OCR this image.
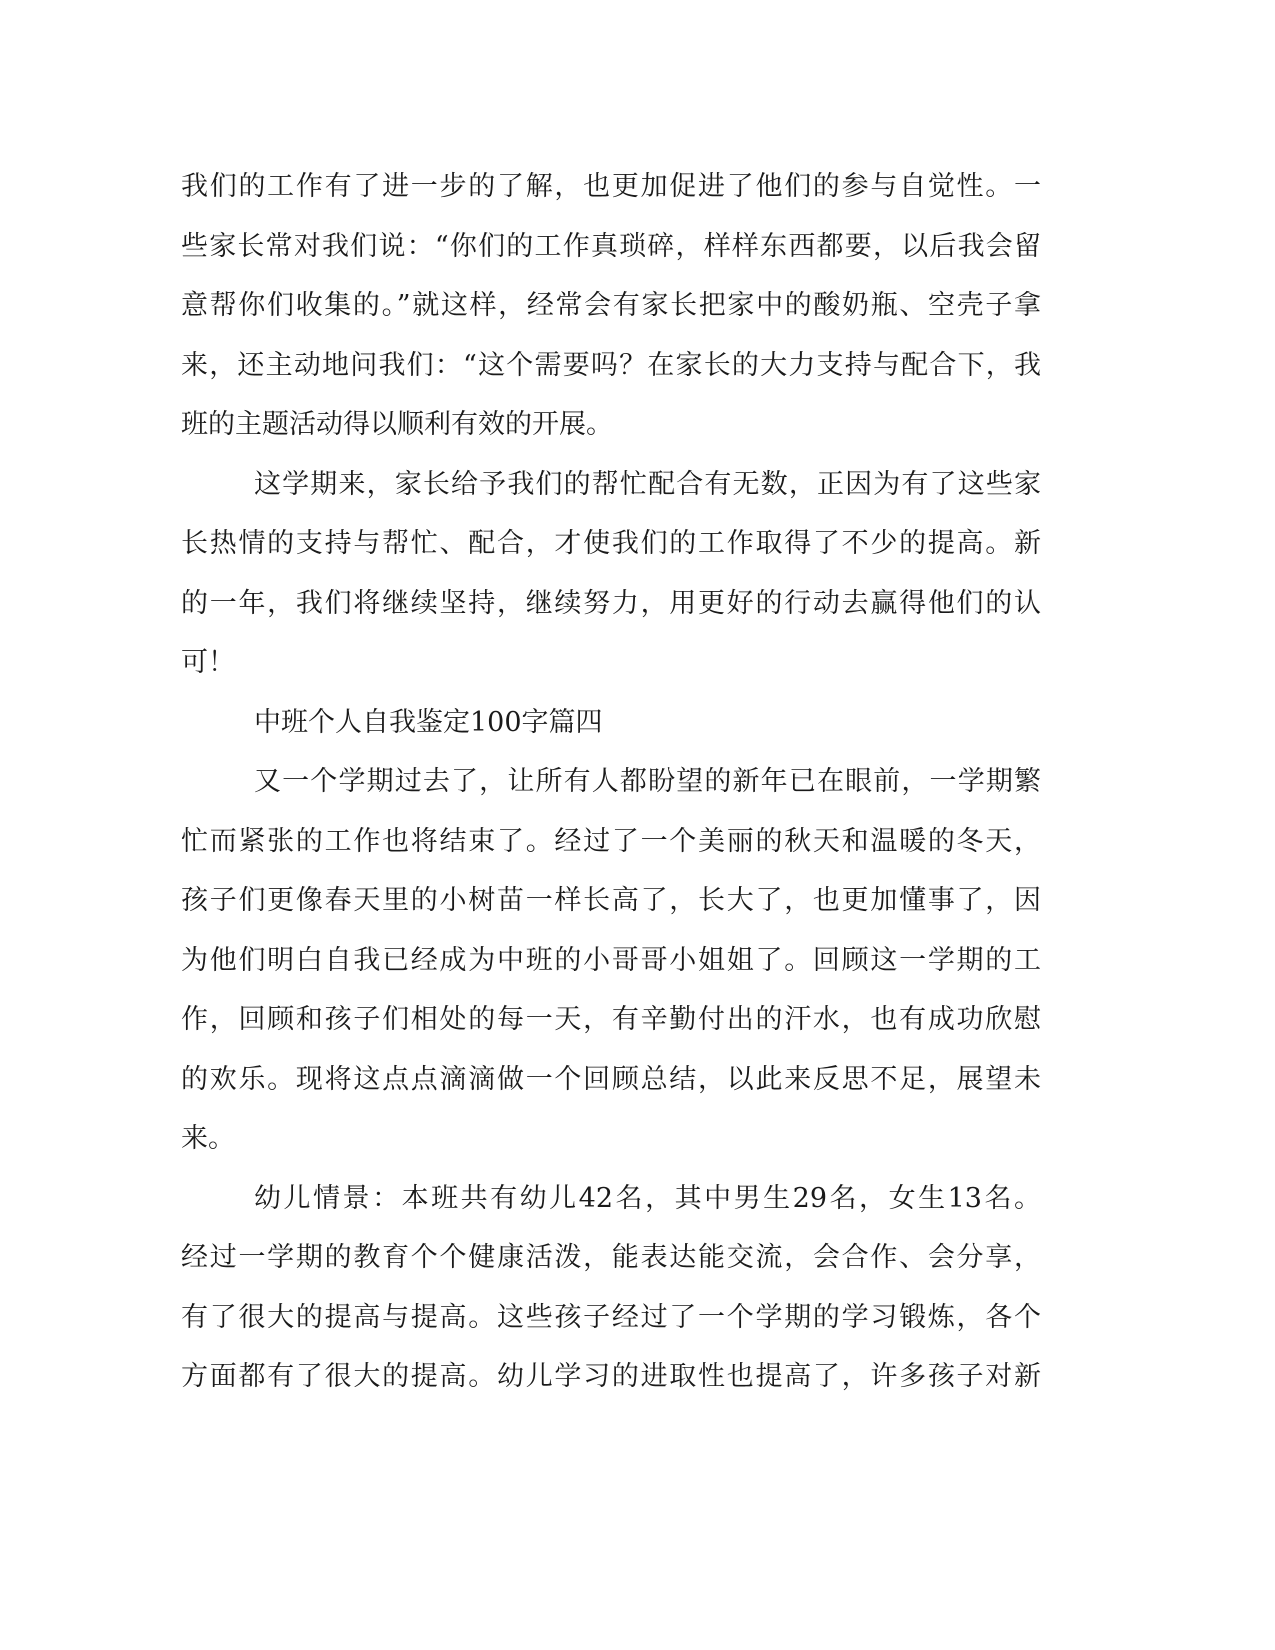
我们的工作有了进一步的了解，也更加促进了他们的参与自觉性。一
些家长常对我们说：“你们的工作真琐碎，样样东西都要，以后我会留
意帮你们收集的。”就这样，经常会有家长把家中的酸奶瓶、空壳子拿
来，还主动地问我们：“这个需要吗？在家长的大力支持与配合下，我
班的主题活动得以顺利有效的开展。
这学期来，家长给予我们的帮忙配合有无数，正因为有了这些家
长热情的支持与帮忙、配合，才使我们的工作取得了不少的提高。新
的一年，我们将继续坚持，继续努力，用更好的行动去赢得他们的认
可！
中班个人自我鉴定100字篇四
又一个学期过去了，让所有人都盼望的新年已在眼前，一学期繁
忙而紧张的工作也将结束了。经过了一个美丽的秋天和温暖的冬天，
孩子们更像春天里的小树苗一样长高了，长大了，也更加懂事了，因
为他们明白自我已经成为中班的小哥哥小姐姐了。回顾这一学期的工
作，回顾和孩子们相处的每一天，有辛勤付出的汗水，也有成功欣慰
的欢乐。现将这点点滴滴做一个回顾总结，以此来反思不足，展望未
来。
幼儿情景：本班共有幼儿42名，其中男生29名，女生13名。
经过一学期的教育个个健康活泼，能表达能交流，会合作、会分享，
有了很大的提高与提高。这些孩子经过了一个学期的学习锻炼，各个
方面都有了很大的提高。幼儿学习的进取性也提高了，许多孩子对新
